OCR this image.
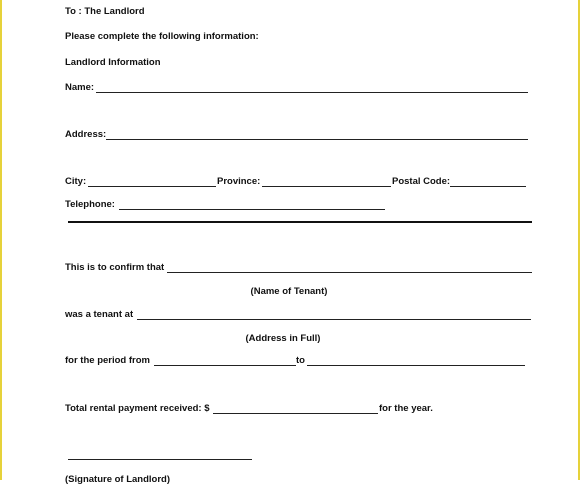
To : The Landlord
Please complete the following information:
Landlord Information
Name:
Address:
City:	Province:	Postal Code:
Telephone:
This is to confirm that
(Name of Tenant)
was a tenant at
(Address in Full)
for the period from	to
Total rental payment received: $	for the year.
(Signature of Landlord)
